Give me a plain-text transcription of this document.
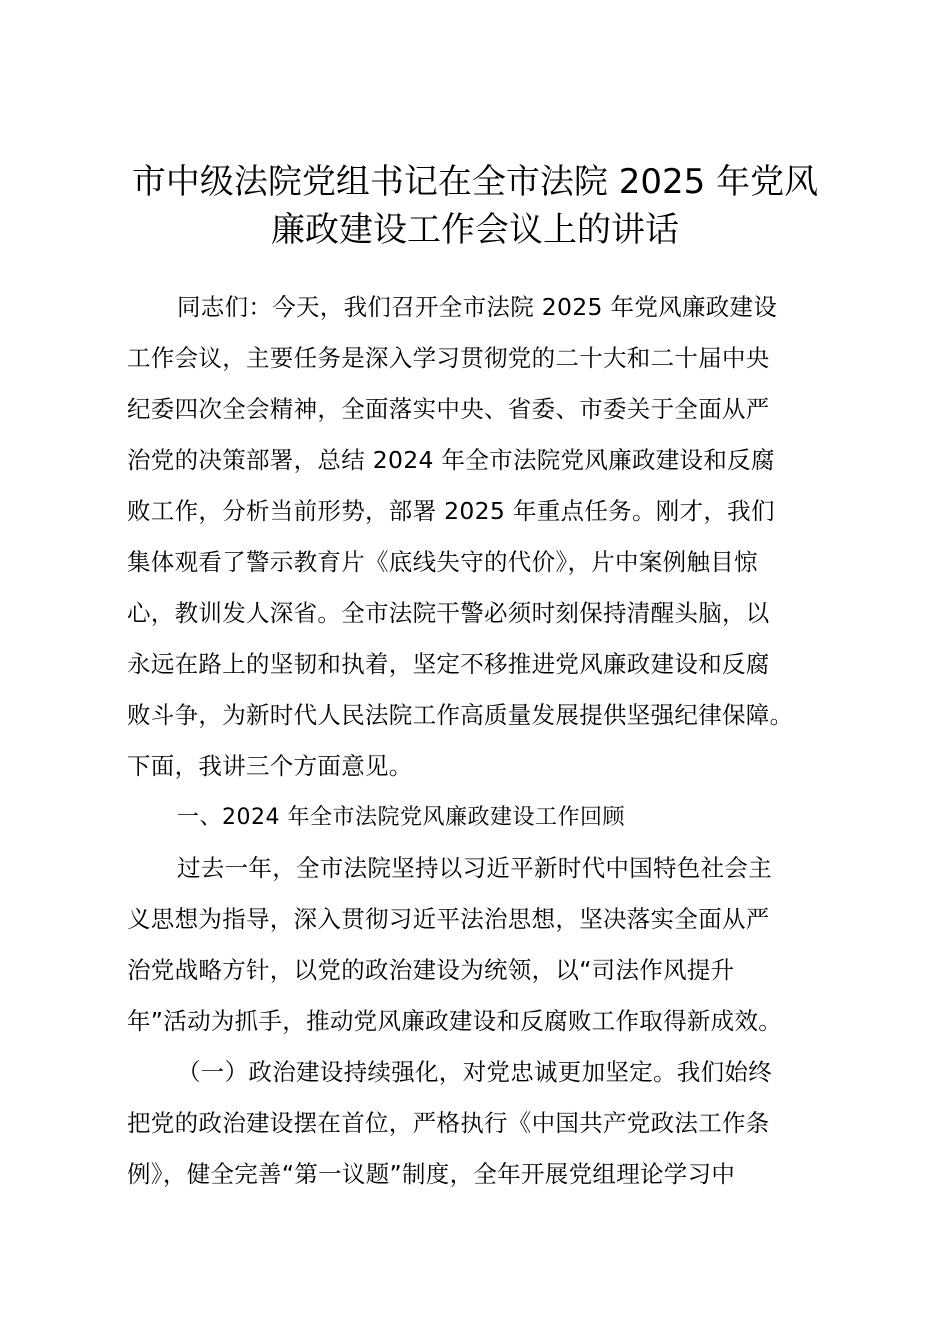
市中级法院党组书记在全市法院 2025 年党风
廉政建设工作会议上的讲话
同志们：今天，我们召开全市法院 2025 年党风廉政建设
工作会议，主要任务是深入学习贯彻党的二十大和二十届中央
纪委四次全会精神，全面落实中央、省委、市委关于全面从严
治党的决策部署，总结 2024 年全市法院党风廉政建设和反腐
败工作，分析当前形势，部署 2025 年重点任务。刚才，我们
集体观看了警示教育片《底线失守的代价》，片中案例触目惊
心，教训发人深省。全市法院干警必须时刻保持清醒头脑，以
永远在路上的坚韧和执着，坚定不移推进党风廉政建设和反腐
败斗争，为新时代人民法院工作高质量发展提供坚强纪律保障。
下面，我讲三个方面意见。
一、2024 年全市法院党风廉政建设工作回顾
过去一年，全市法院坚持以习近平新时代中国特色社会主
义思想为指导，深入贯彻习近平法治思想，坚决落实全面从严
治党战略方针，以党的政治建设为统领，以“司法作风提升
年”活动为抓手，推动党风廉政建设和反腐败工作取得新成效。
（一）政治建设持续强化，对党忠诚更加坚定。我们始终
把党的政治建设摆在首位，严格执行《中国共产党政法工作条
例》，健全完善“第一议题”制度，全年开展党组理论学习中
